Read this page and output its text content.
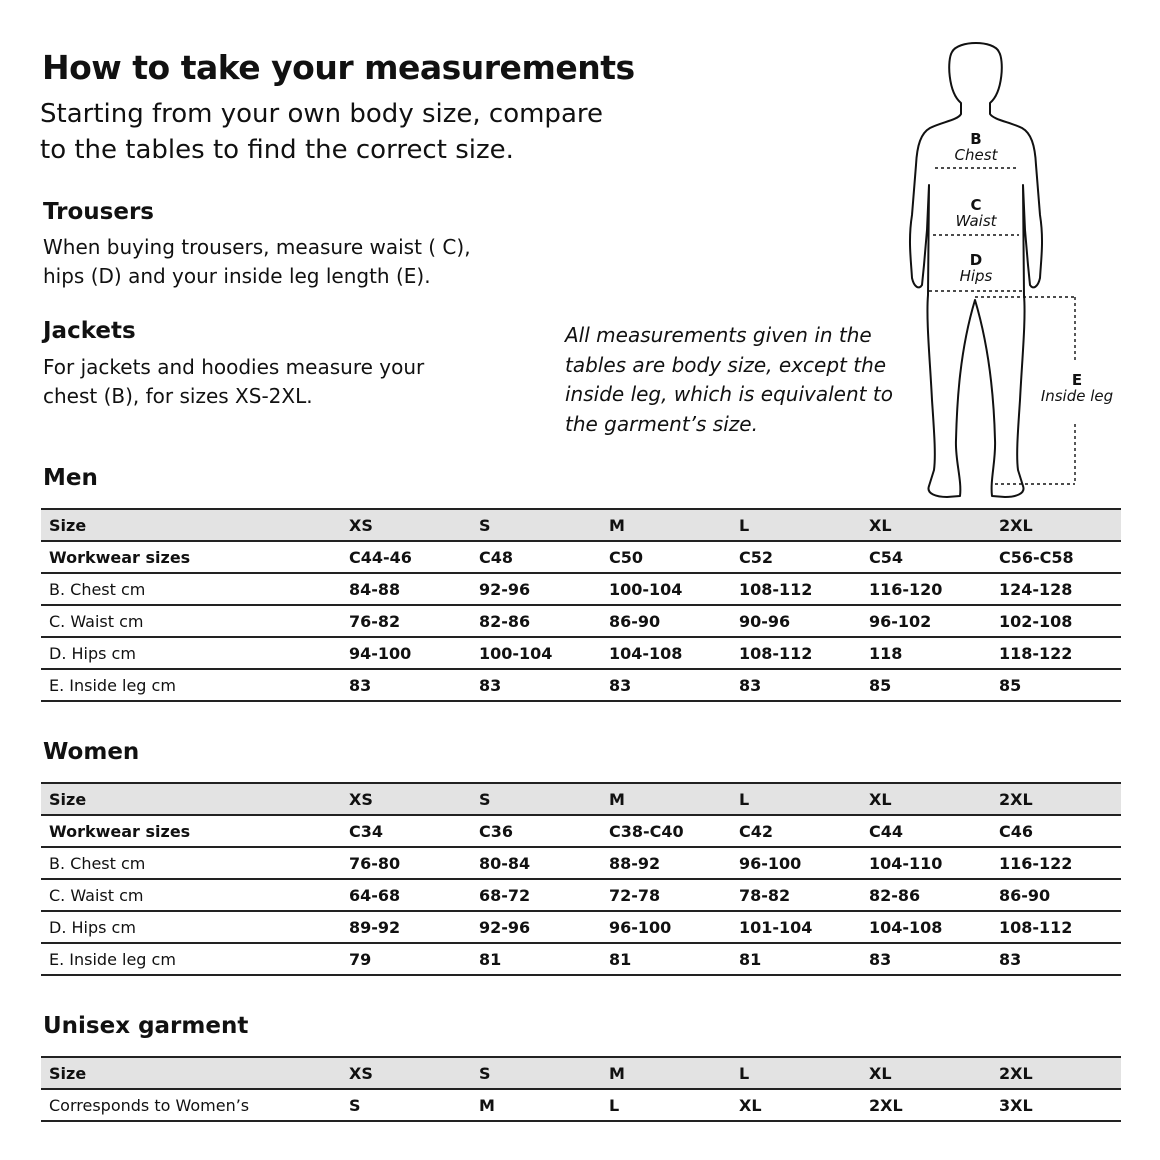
How to take your measurements

Starting from your own body size, compare
to the tables to find the correct size.

Trousers

When buying trousers, measure waist ( C),
hips (D) and your inside leg length (E).

Jackets

For jackets and hoodies measure your
chest (B), for sizes XS-2XL.

All measurements given in the
tables are body size, except the
inside leg, which is equivalent to
the garment’s size.

B
Chest
C
Waist
D
Hips
E
Inside leg
Men
Size	XS	S	M	L	XL	2XL
Workwear sizes	C44-46	C48	C50	C52	C54	C56-C58
B. Chest cm	84-88	92-96	100-104	108-112	116-120	124-128
C. Waist cm	76-82	82-86	86-90	90-96	96-102	102-108
D. Hips cm	94-100	100-104	104-108	108-112	118	118-122
E. Inside leg cm	83	83	83	83	85	85
Women
Size	XS	S	M	L	XL	2XL
Workwear sizes	C34	C36	C38-C40	C42	C44	C46
B. Chest cm	76-80	80-84	88-92	96-100	104-110	116-122
C. Waist cm	64-68	68-72	72-78	78-82	82-86	86-90
D. Hips cm	89-92	92-96	96-100	101-104	104-108	108-112
E. Inside leg cm	79	81	81	81	83	83
Unisex garment
Size	XS	S	M	L	XL	2XL
Corresponds to Women’s	S	M	L	XL	2XL	3XL
